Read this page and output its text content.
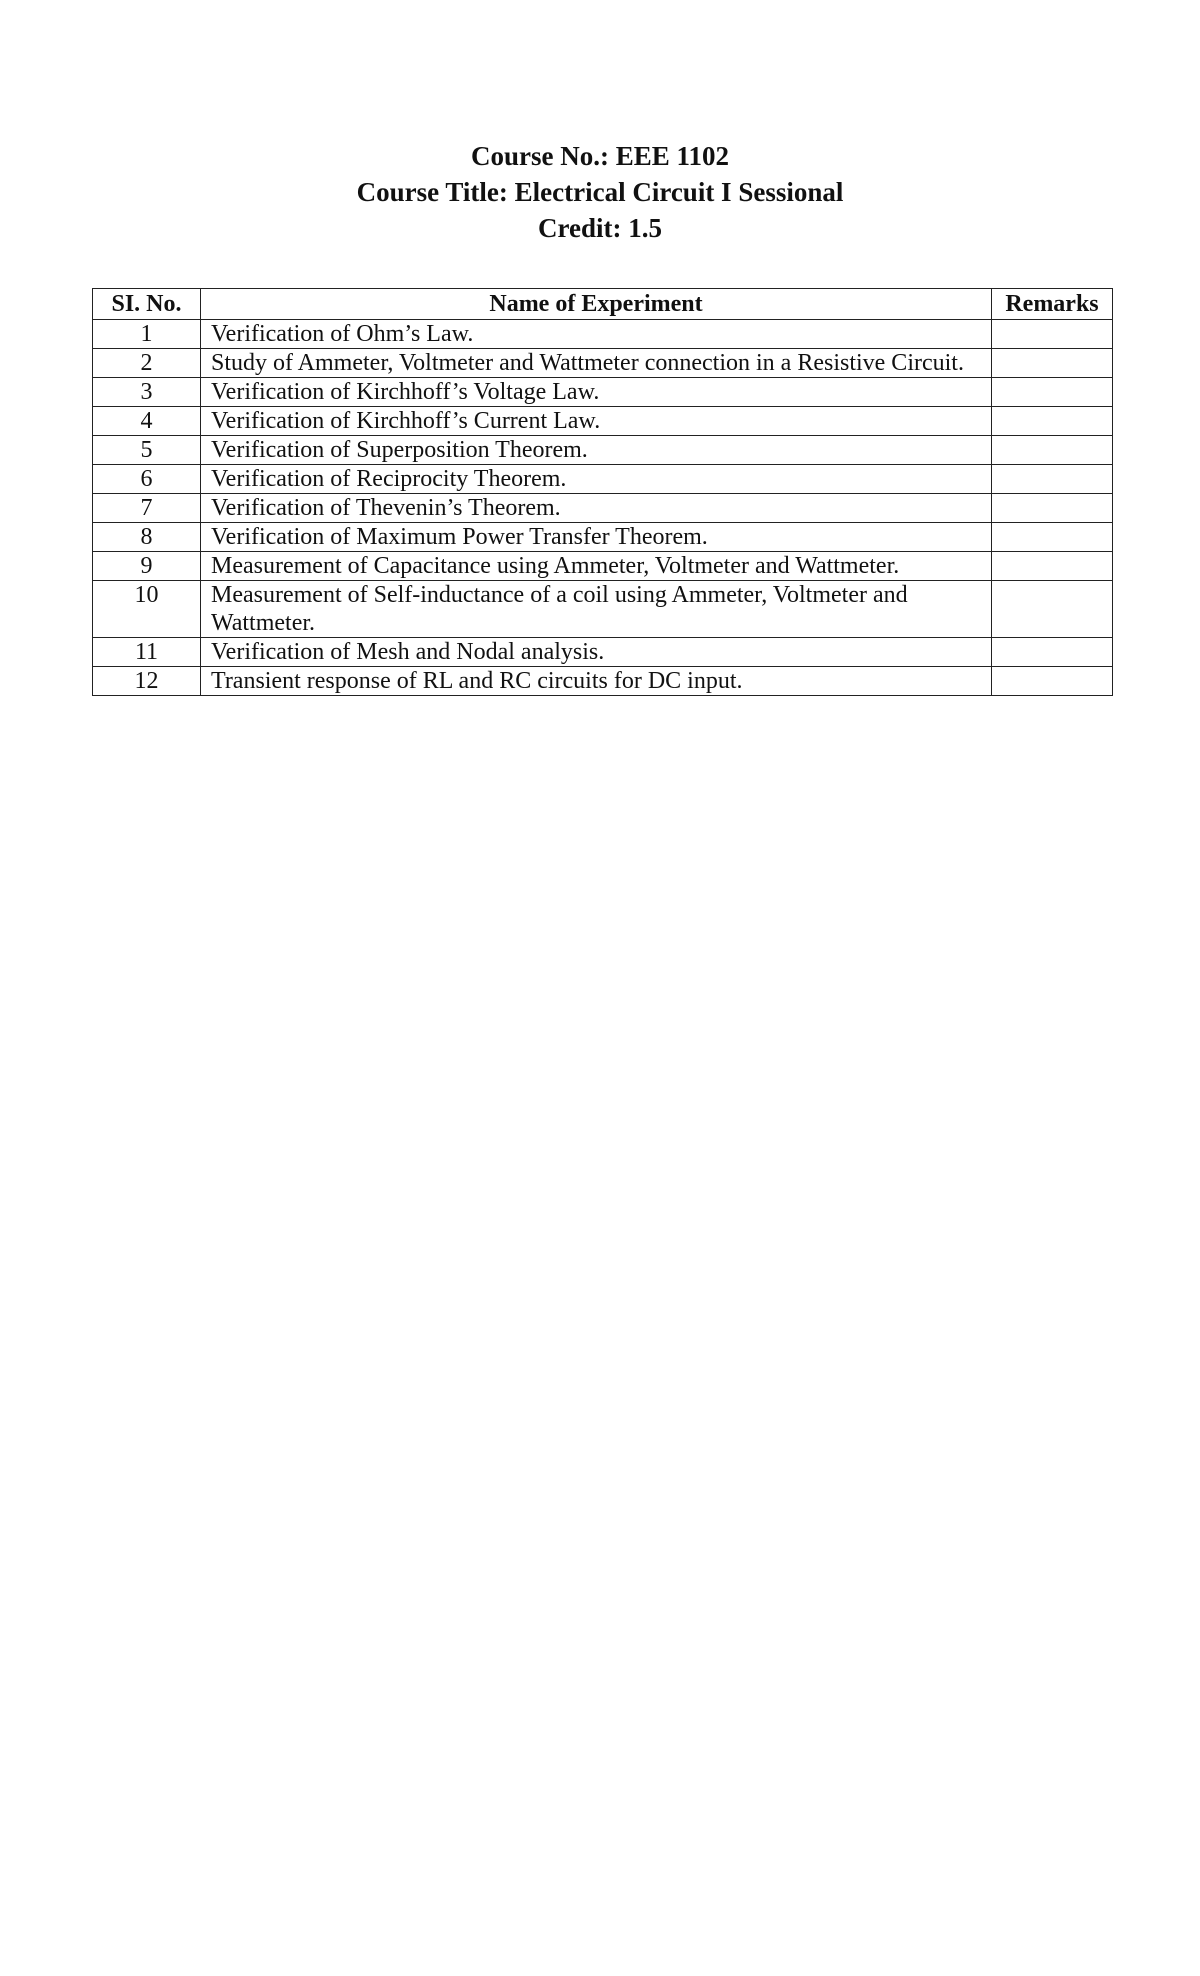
Course No.: EEE 1102
Course Title: Electrical Circuit I Sessional
Credit: 1.5
SI. No.	Name of Experiment	Remarks
1	Verification of Ohm’s Law.	
2	Study of Ammeter, Voltmeter and Wattmeter connection in a Resistive Circuit.	
3	Verification of Kirchhoff’s Voltage Law.	
4	Verification of Kirchhoff’s Current Law.	
5	Verification of Superposition Theorem.	
6	Verification of Reciprocity Theorem.	
7	Verification of Thevenin’s Theorem.	
8	Verification of Maximum Power Transfer Theorem.	
9	Measurement of Capacitance using Ammeter, Voltmeter and Wattmeter.	
10	Measurement of Self-inductance of a coil using Ammeter, Voltmeter and Wattmeter.	
11	Verification of Mesh and Nodal analysis.	
12	Transient response of RL and RC circuits for DC input.	
